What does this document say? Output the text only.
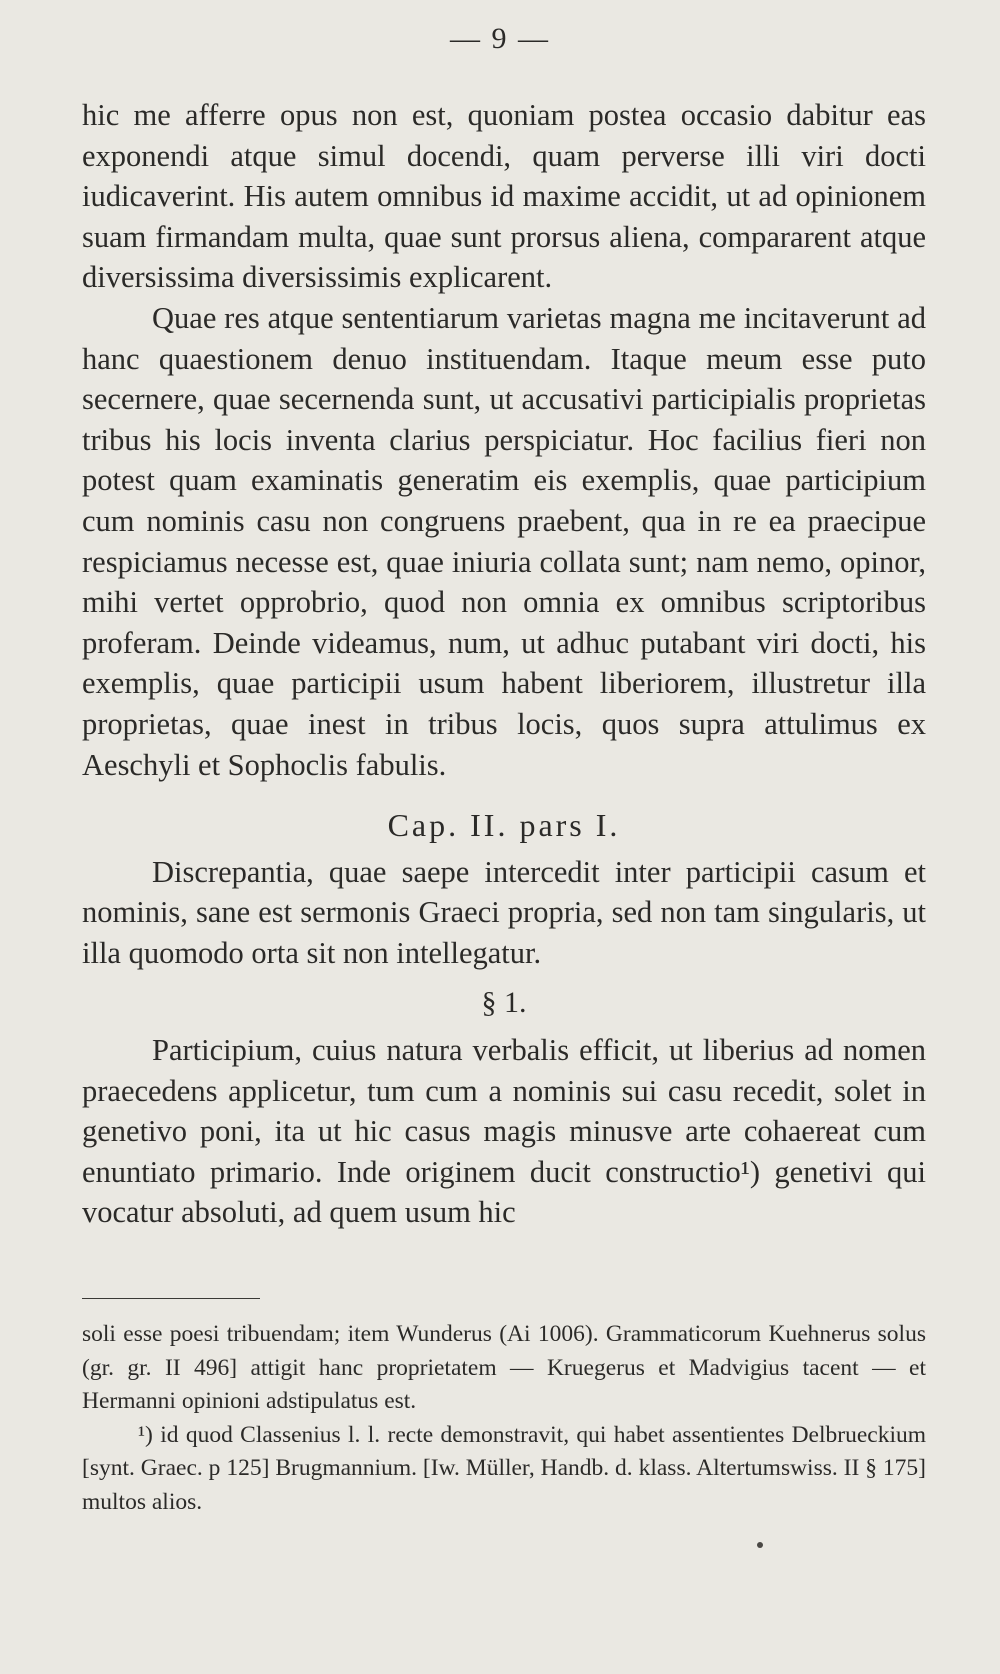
— 9 —

hic me afferre opus non est, quoniam postea occasio dabitur eas exponendi atque simul docendi, quam perverse illi viri docti iudicaverint. His autem omnibus id maxime accidit, ut ad opinionem suam firmandam multa, quae sunt prorsus aliena, compararent atque diversissima diversissimis explicarent.

Quae res atque sententiarum varietas magna me incitaverunt ad hanc quaestionem denuo instituendam. Itaque meum esse puto secernere, quae secernenda sunt, ut accusativi participialis proprietas tribus his locis inventa clarius perspiciatur. Hoc facilius fieri non potest quam examinatis generatim eis exemplis, quae participium cum nominis casu non congruens praebent, qua in re ea praecipue respiciamus necesse est, quae iniuria collata sunt; nam nemo, opinor, mihi vertet opprobrio, quod non omnia ex omnibus scriptoribus proferam. Deinde videamus, num, ut adhuc putabant viri docti, his exemplis, quae participii usum habent liberiorem, illustretur illa proprietas, quae inest in tribus locis, quos supra attulimus ex Aeschyli et Sophoclis fabulis.

Cap. II. pars I.

Discrepantia, quae saepe intercedit inter participii casum et nominis, sane est sermonis Graeci propria, sed non tam singularis, ut illa quomodo orta sit non intellegatur.

§ 1.

Participium, cuius natura verbalis efficit, ut liberius ad nomen praecedens applicetur, tum cum a nominis sui casu recedit, solet in genetivo poni, ita ut hic casus magis minusve arte cohaereat cum enuntiato primario. Inde originem ducit constructio¹) genetivi qui vocatur absoluti, ad quem usum hic

soli esse poesi tribuendam; item Wunderus (Ai 1006). Grammaticorum Kuehnerus solus (gr. gr. II 496] attigit hanc proprietatem — Kruegerus et Madvigius tacent — et Hermanni opinioni adstipulatus est.

¹) id quod Classenius l. l. recte demonstravit, qui habet assentientes Delbrueckium [synt. Graec. p 125] Brugmannium. [Iw. Müller, Handb. d. klass. Altertumswiss. II § 175] multos alios.
